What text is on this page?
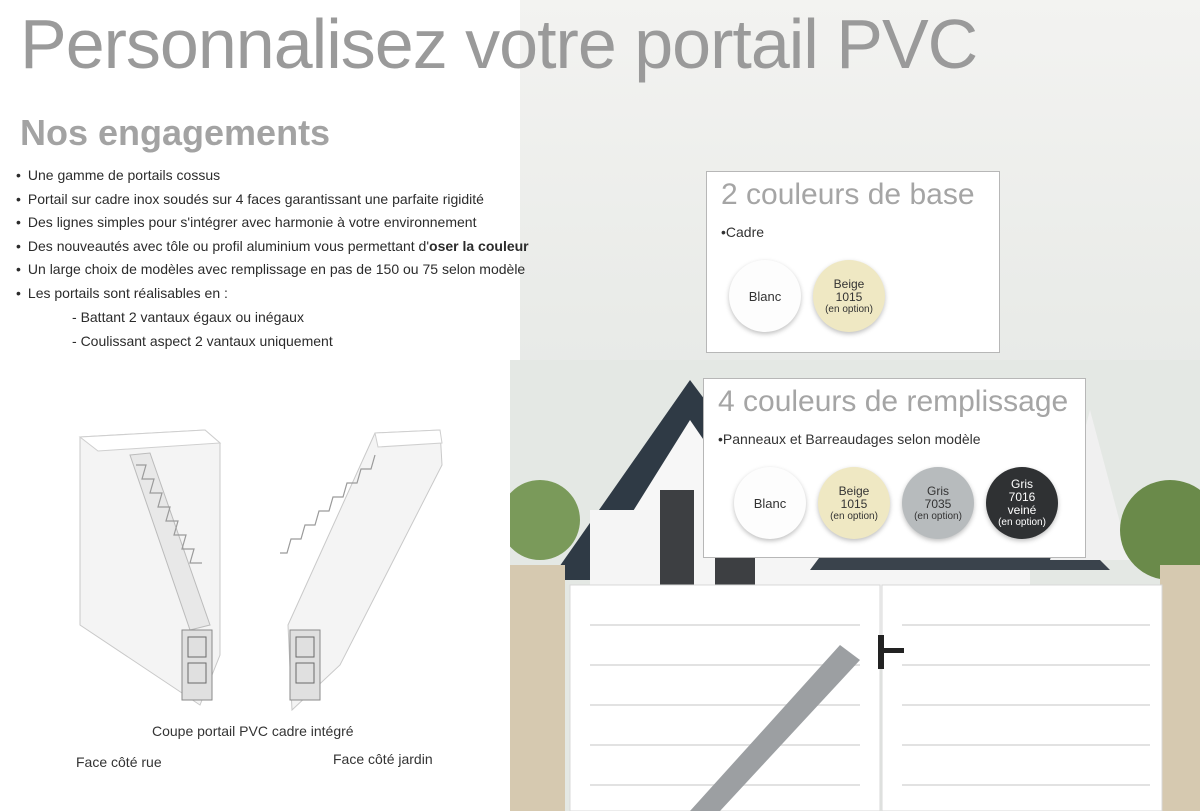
Personnalisez votre portail PVC
Nos engagements
• Une gamme de portails cossus
• Portail sur cadre inox soudés sur 4 faces garantissant une parfaite rigidité
• Des lignes simples pour s'intégrer avec harmonie à votre environnement
• Des nouveautés avec tôle ou profil aluminium vous permettant d'oser la couleur
• Un large choix de modèles avec remplissage en pas de 150 ou 75 selon modèle
• Les portails sont réalisables en :
- Battant 2 vantaux égaux ou inégaux
- Coulissant aspect 2 vantaux uniquement
Coupe portail PVC cadre intégré
Face côté rue	Face côté jardin
2 couleurs de base
• Cadre
Blanc
Beige
1015
(en option)
4 couleurs de remplissage
• Panneaux et Barreaudages selon modèle
Blanc
Beige
1015
(en option)
Gris
7035
(en option)
Gris
7016
veiné
(en option)
